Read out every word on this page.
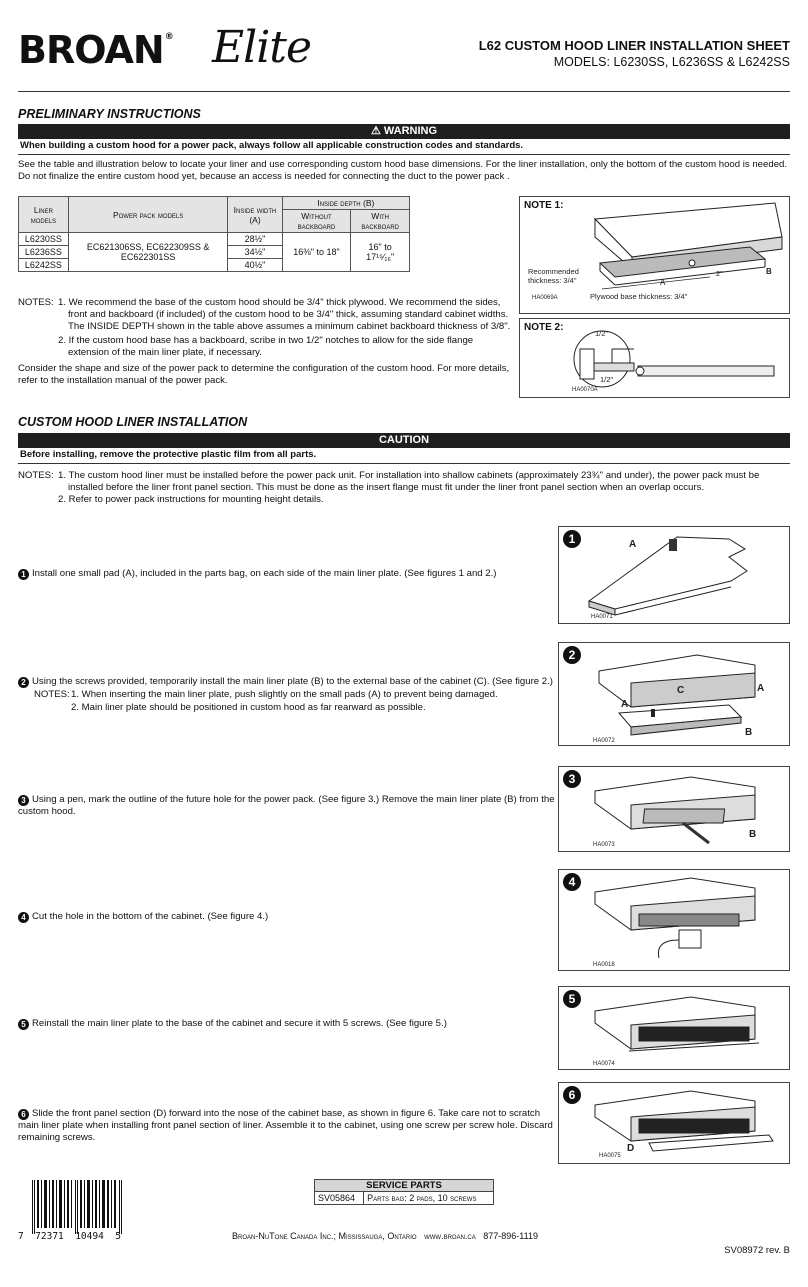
BROAN® Elite	L62 CUSTOM HOOD LINER INSTALLATION SHEET
MODELS: L6230SS, L6236SS & L6242SS
PRELIMINARY INSTRUCTIONS
⚠ WARNING
When building a custom hood for a power pack, always follow all applicable construction codes and standards.
See the table and illustration below to locate your liner and use corresponding custom hood base dimensions. For the liner installation, only the bottom of the custom hood is needed. Do not finalize the entire custom hood yet, because an access is needed for connecting the duct to the power pack .
Liner models	Power pack models	Inside width (A)	Inside depth (B)	
			Without backboard	With backboard
L6230SS	EC621306SS, EC622309SS & EC622301SS	28½"	16⅜" to 18"	16" to 17¹⁵⁄₁₆"
L6236SS		34½"		
L6242SS		40½"		
NOTES: 1. We recommend the base of the custom hood should be 3/4" thick plywood. We recommend the sides, front and backboard (if included) of the custom hood to be 3/4" thick, assuming standard cabinet widths. The INSIDE DEPTH shown in the table above assumes a minimum cabinet backboard thickness of 3/8".
2. If the custom hood base has a backboard, scribe in two 1/2" notches to allow for the side flange extension of the main liner plate, if necessary.
Consider the shape and size of the power pack to determine the configuration of the custom hood. For more details, refer to the installation manual of the power pack.
NOTE 1:
Recommended thickness: 3/4"	A
B
2"
Plywood base thickness: 3/4"
HA0069A
NOTE 2:
1/2"
1/2"
HA0070A
CUSTOM HOOD LINER INSTALLATION
CAUTION
Before installing, remove the protective plastic film from all parts.
NOTES: 1. The custom hood liner must be installed before the power pack unit. For installation into shallow cabinets (approximately 23¾" and under), the power pack must be installed before the liner front panel section. This must be done as the insert flange must fit under the liner front panel section when an overlap occurs.
2. Refer to power pack instructions for mounting height details.
1 Install one small pad (A), included in the parts bag, on each side of the main liner plate. (See figures 1 and 2.)
1	A
HA0071
2 Using the screws provided, temporarily install the main liner plate (B) to the external base of the cabinet (C). (See figure 2.)
NOTES: 1. When inserting the main liner plate, push slightly on the small pads (A) to prevent being damaged.
2. Main liner plate should be positioned in custom hood as far rearward as possible.
2
C	A
A
B
HA0072
3 Using a pen, mark the outline of the future hole for the power pack. (See figure 3.) Remove the main liner plate (B) from the custom hood.
3
B
HA0073
4 Cut the hole in the bottom of the cabinet. (See figure 4.)
4
HA0018
5 Reinstall the main liner plate to the base of the cabinet and secure it with 5 screws. (See figure 5.)
5
HA0074
6 Slide the front panel section (D) forward into the nose of the cabinet base, as shown in figure 6. Take care not to scratch main liner plate when installing front panel section of liner. Assemble it to the cabinet, using one screw per screw hole. Discard remaining screws.
6
D
HA0075
SERVICE PARTS
SV05864	Parts bag: 2 pads, 10 screws
7  72371  10494  5	Broan-NuTone Canada Inc.; Mississauga, Ontario   www.broan.ca   877-896-1119
SV08972 rev. B
